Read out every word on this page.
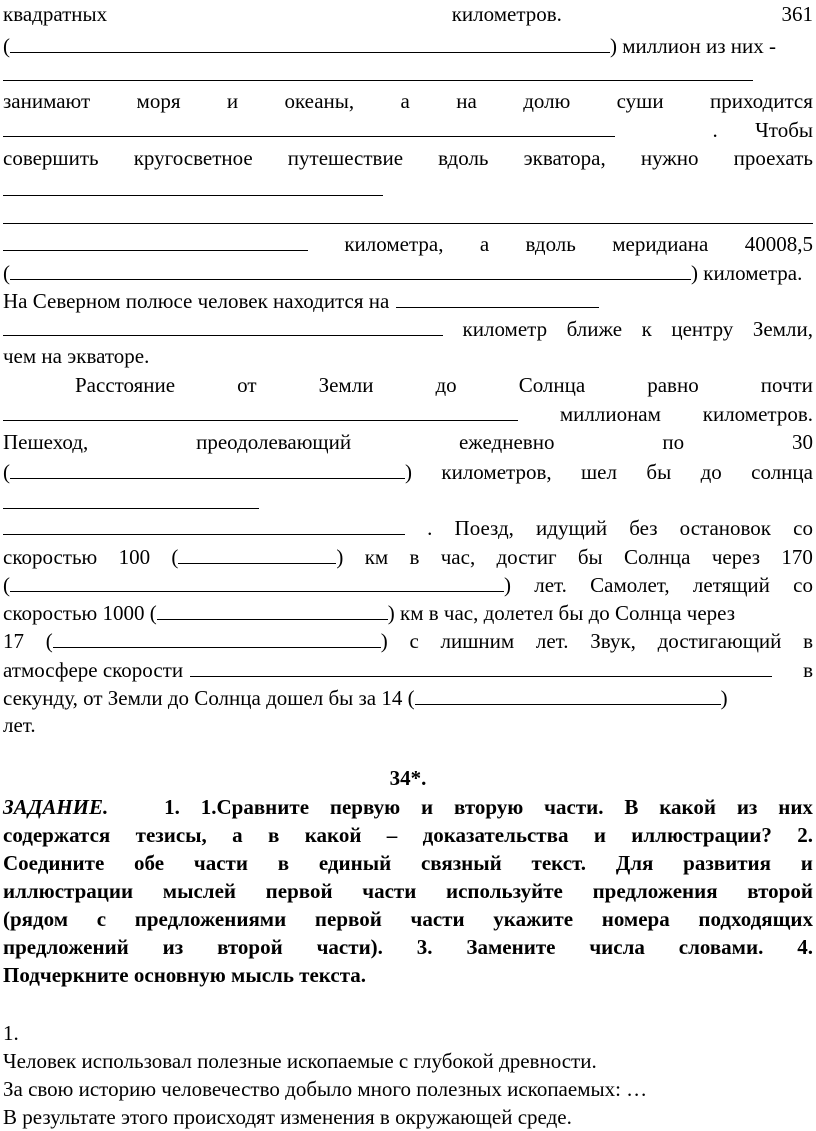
квадратных	километров.	361
(	) миллион из них -
занимают моря и океаны, а на долю суши приходится
. Чтобы
совершить кругосветное путешествие вдоль экватора, нужно проехать
километра, а вдоль меридиана 40008,5
(	) километра.
На Северном полюсе человек находится на
километр ближе к центру Земли,
чем на экваторе.
Расстояние	от	Земли	до	Солнца	равно	почти
миллионам километров.
Пешеход,	преодолевающий	ежедневно	по	30
(	) километров, шел бы до солнца
. Поезд, идущий без остановок со
скоростью 100 (	) км в час, достиг бы Солнца через 170
(	) лет. Самолет, летящий со
скоростью 1000 (	) км в час, долетел бы до Солнца через
17 (	) с лишним лет. Звук, достигающий в
атмосфере скорости	в
секунду, от Земли до Солнца дошел бы за 14 (	)
лет.
34*.
ЗАДАНИЕ.	1. 1.Сравните первую и вторую части. В какой из них
содержатся тезисы, а в какой – доказательства и иллюстрации? 2.
Соедините обе части в единый связный текст. Для развития и
иллюстрации мыслей первой части используйте предложения второй
(рядом с предложениями первой части укажите номера подходящих
предложений из второй части). 3. Замените числа словами. 4.
Подчеркните основную мысль текста.
1.
Человек использовал полезные ископаемые с глубокой древности.
За свою историю человечество добыло много полезных ископаемых: …
В результате этого происходят изменения в окружающей среде.
